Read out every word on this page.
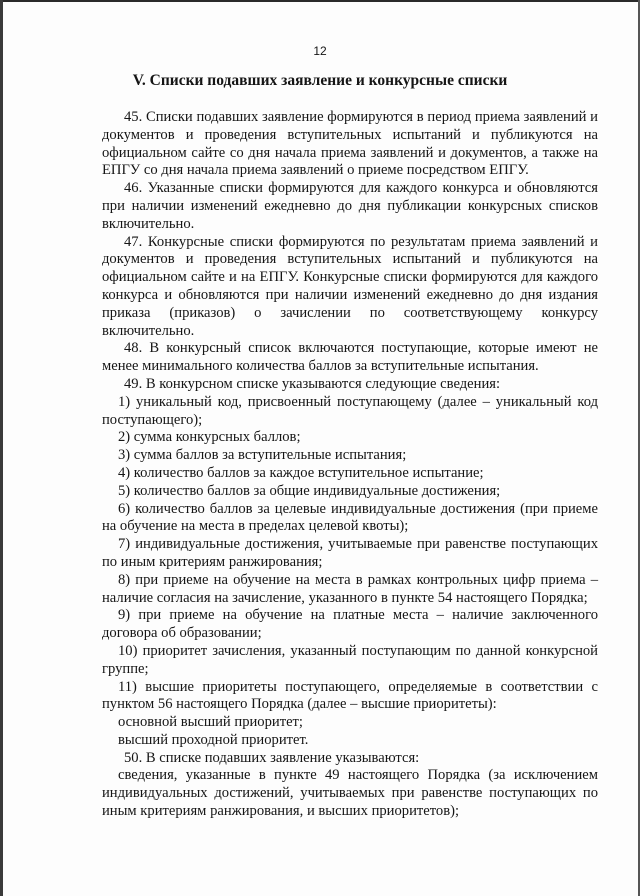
12
V. Списки подавших заявление и конкурсные списки

45. Списки подавших заявление формируются в период приема заявлений и документов и проведения вступительных испытаний и публикуются на официальном сайте со дня начала приема заявлений и документов, а также на ЕПГУ со дня начала приема заявлений о приеме посредством ЕПГУ.

46. Указанные списки формируются для каждого конкурса и обновляются при наличии изменений ежедневно до дня публикации конкурсных списков включительно.

47. Конкурсные списки формируются по результатам приема заявлений и документов и проведения вступительных испытаний и публикуются на официальном сайте и на ЕПГУ. Конкурсные списки формируются для каждого конкурса и обновляются при наличии изменений ежедневно до дня издания приказа (приказов) о зачислении по соответствующему конкурсу включительно.

48. В конкурсный список включаются поступающие, которые имеют не менее минимального количества баллов за вступительные испытания.

49. В конкурсном списке указываются следующие сведения:

1) уникальный код, присвоенный поступающему (далее – уникальный код поступающего);

2) сумма конкурсных баллов;

3) сумма баллов за вступительные испытания;

4) количество баллов за каждое вступительное испытание;

5) количество баллов за общие индивидуальные достижения;

6) количество баллов за целевые индивидуальные достижения (при приеме на обучение на места в пределах целевой квоты);

7) индивидуальные достижения, учитываемые при равенстве поступающих по иным критериям ранжирования;

8) при приеме на обучение на места в рамках контрольных цифр приема – наличие согласия на зачисление, указанного в пункте 54 настоящего Порядка;

9) при приеме на обучение на платные места – наличие заключенного договора об образовании;

10) приоритет зачисления, указанный поступающим по данной конкурсной группе;

11) высшие приоритеты поступающего, определяемые в соответствии с пунктом 56 настоящего Порядка (далее – высшие приоритеты):

основной высший приоритет;

высший проходной приоритет.

50. В списке подавших заявление указываются:

сведения, указанные в пункте 49 настоящего Порядка (за исключением индивидуальных достижений, учитываемых при равенстве поступающих по иным критериям ранжирования, и высших приоритетов);
